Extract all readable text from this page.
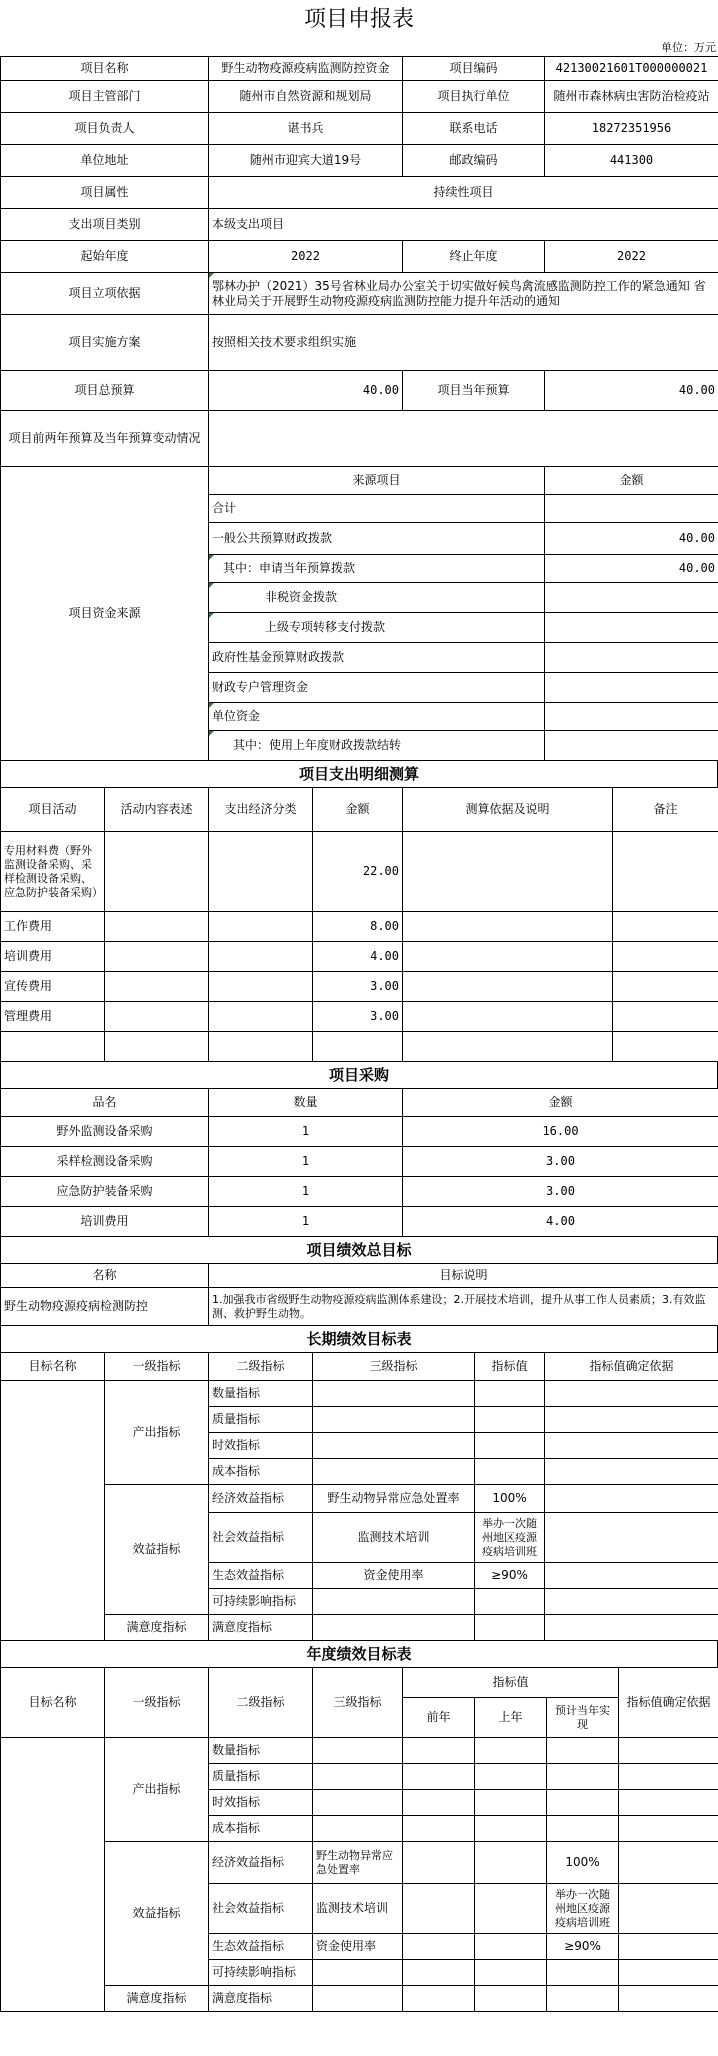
项目申报表
单位：万元
项目名称	野生动物疫源疫病监测防控资金	项目编码	42130021601T000000021
项目主管部门	随州市自然资源和规划局	项目执行单位	随州市森林病虫害防治检疫站
项目负责人	谌书兵	联系电话	18272351956
单位地址	随州市迎宾大道19号	邮政编码	441300
项目属性	持续性项目		
支出项目类别	本级支出项目		
起始年度	2022	终止年度	2022
项目立项依据	鄂林办护（2021）35号省林业局办公室关于切实做好候鸟禽流感监测防控工作的紧急通知 省林业局关于开展野生动物疫源疫病监测防控能力提升年活动的通知		
项目实施方案	按照相关技术要求组织实施		
项目总预算	40.00	项目当年预算	40.00
项目前两年预算及当年预算变动情况			
项目资金来源	来源项目	金额
	合计	
	一般公共预算财政拨款	40.00
	其中：申请当年预算拨款	40.00
	非税资金拨款	
	上级专项转移支付拨款	
	政府性基金预算财政拨款	
	财政专户管理资金	
	单位资金	
	其中：使用上年度财政拨款结转	
项目支出明细测算
项目活动	活动内容表述	支出经济分类	金额	测算依据及说明	备注
专用材料费（野外监测设备采购、采样检测设备采购、应急防护装备采购）			22.00		
工作费用			8.00		
培训费用			4.00		
宣传费用			3.00		
管理费用			3.00		

项目采购
品名	数量	金额
野外监测设备采购	1	16.00
采样检测设备采购	1	3.00
应急防护装备采购	1	3.00
培训费用	1	4.00
项目绩效总目标
名称	目标说明
野生动物疫源疫病检测防控	1.加强我市省级野生动物疫源疫病监测体系建设；2.开展技术培训，提升从事工作人员素质；3.有效监测、救护野生动物。
长期绩效目标表
目标名称	一级指标	二级指标	三级指标	指标值	指标值确定依据
	产出指标	数量指标			
		质量指标			
		时效指标			
		成本指标			
	效益指标	经济效益指标	野生动物异常应急处置率	100%	
		社会效益指标	监测技术培训	举办一次随州地区疫源疫病培训班	
		生态效益指标	资金使用率	≥90%	
		可持续影响指标			
	满意度指标	满意度指标			
年度绩效目标表
目标名称	一级指标	二级指标	三级指标	指标值			指标值确定依据
				前年	上年	预计当年实现	
	产出指标	数量指标					
		质量指标					
		时效指标					
		成本指标					
	效益指标	经济效益指标	野生动物异常应急处置率			100%	
		社会效益指标	监测技术培训			举办一次随州地区疫源疫病培训班	
		生态效益指标	资金使用率			≥90%	
		可持续影响指标					
	满意度指标	满意度指标					
